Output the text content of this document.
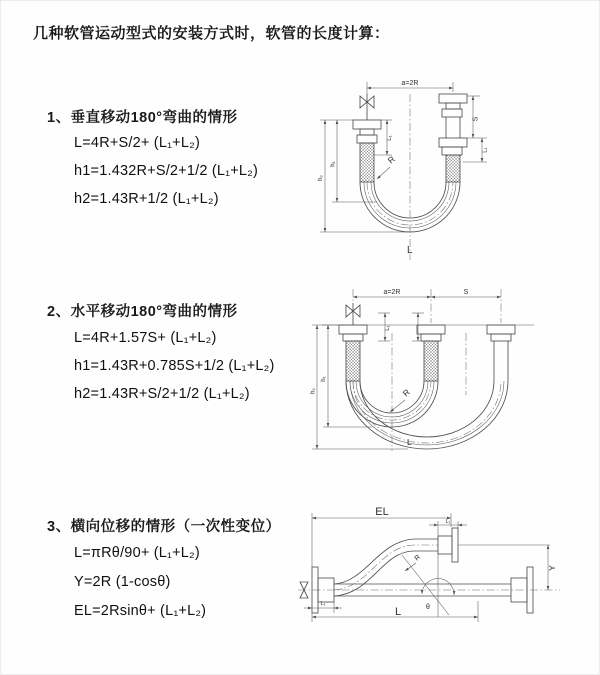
几种软管运动型式的安装方式时，软管的长度计算：
1、垂直移动180°弯曲的情形
L=4R+S/2+ (L₁+L₂)
h1=1.432R+S/2+1/2 (L₁+L₂)
h2=1.43R+1/2 (L₁+L₂)
a=2R
h₂
h₁
L₁
S
L₁
R
L
2、水平移动180°弯曲的情形
L=4R+1.57S+ (L₁+L₂)
h1=1.43R+0.785S+1/2 (L₁+L₂)
h2=1.43R+S/2+1/2 (L₁+L₂)
a=2R	S
h₁
h₂
L₁
R
L
3、横向位移的情形（一次性变位）
L=πRθ/90+ (L₁+L₂)
Y=2R (1-cosθ)
EL=2Rsinθ+ (L₁+L₂)
EL
L₁
Y
R
θ
L₁
L
